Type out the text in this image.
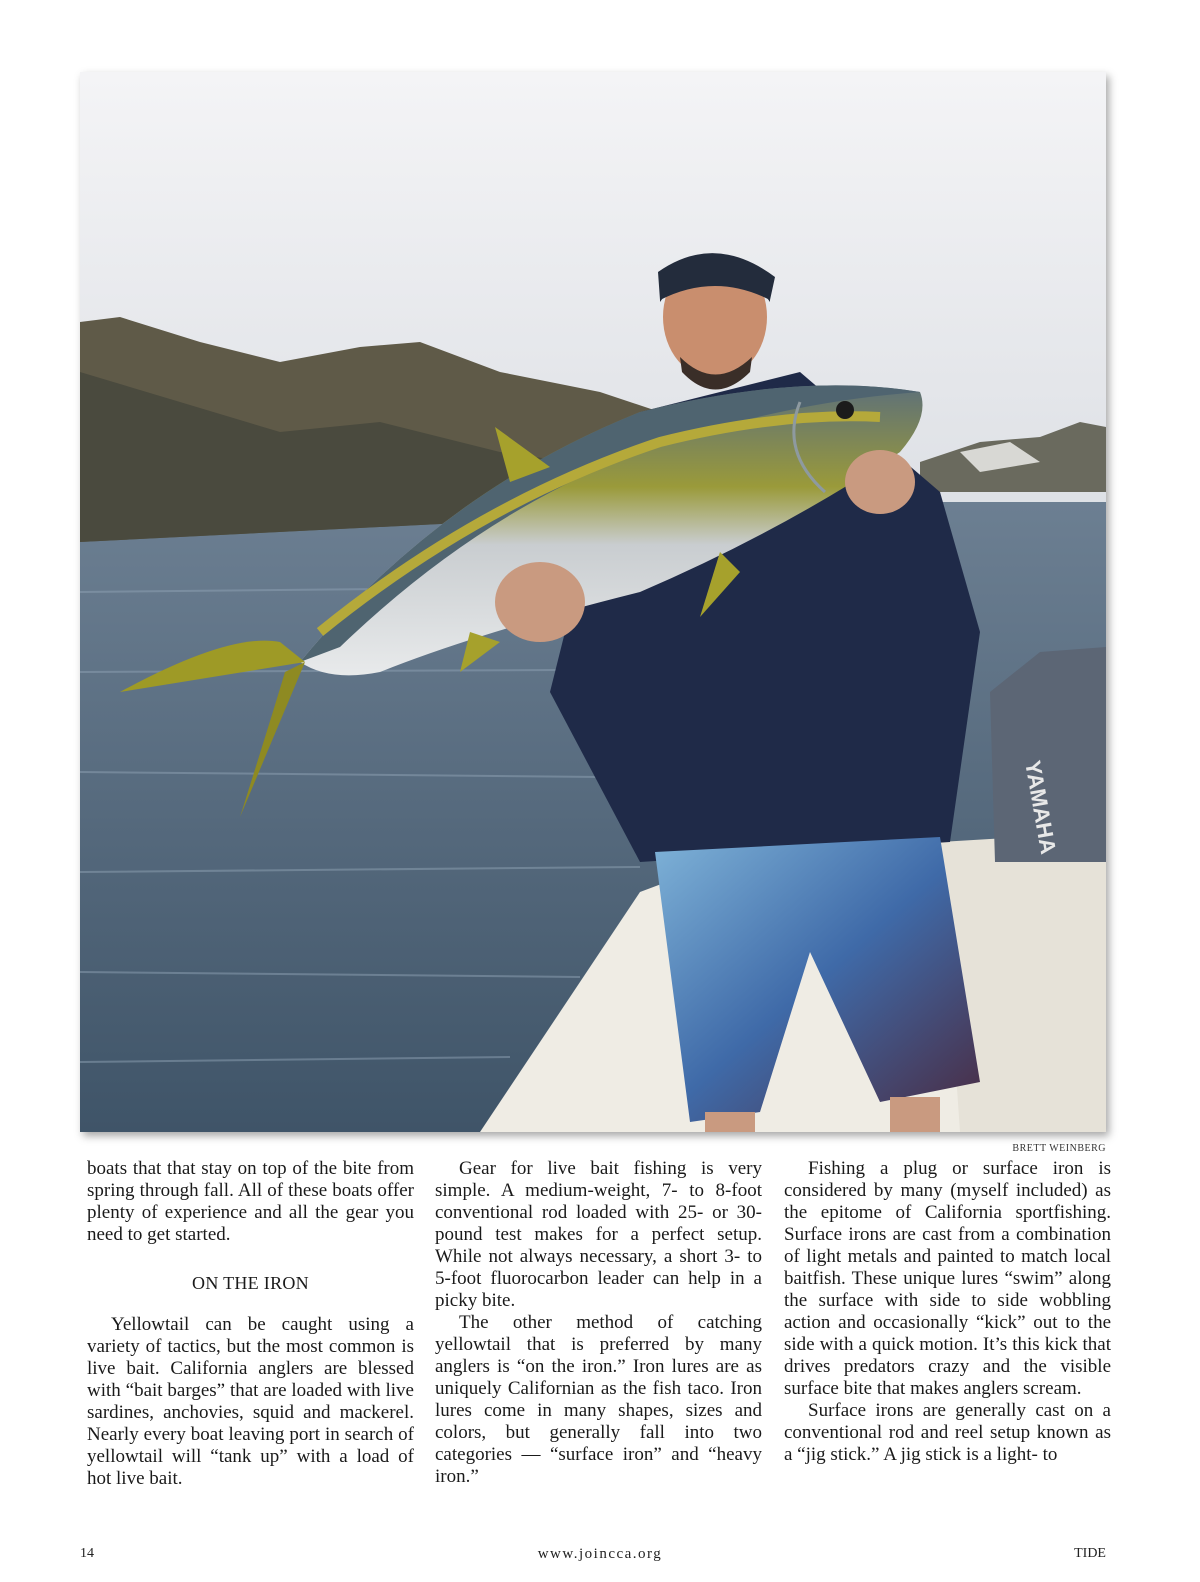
YAMAHA
BRETT WEINBERG

boats that that stay on top of the bite from spring through fall. All of these boats offer plenty of experience and all the gear you need to get started.

ON THE IRON

Yellowtail can be caught using a variety of tactics, but the most common is live bait. California anglers are blessed with “bait barges” that are loaded with live sardines, anchovies, squid and mackerel. Nearly every boat leaving port in search of yellowtail will “tank up” with a load of hot live bait.

Gear for live bait fishing is very simple. A medium-weight, 7- to 8-foot conventional rod loaded with 25- or 30-pound test makes for a perfect setup. While not always necessary, a short 3- to 5-foot fluorocarbon leader can help in a picky bite.

The other method of catching yellowtail that is preferred by many anglers is “on the iron.” Iron lures are as uniquely Californian as the fish taco. Iron lures come in many shapes, sizes and colors, but generally fall into two categories — “surface iron” and “heavy iron.”

Fishing a plug or surface iron is considered by many (myself included) as the epitome of California sportfishing. Surface irons are cast from a combination of light metals and painted to match local baitfish. These unique lures “swim” along the surface with side to side wobbling action and occasionally “kick” out to the side with a quick motion. It’s this kick that drives predators crazy and the visible surface bite that makes anglers scream.

Surface irons are generally cast on a conventional rod and reel setup known as a “jig stick.” A jig stick is a light- to

14	www.joincca.org	TIDE
